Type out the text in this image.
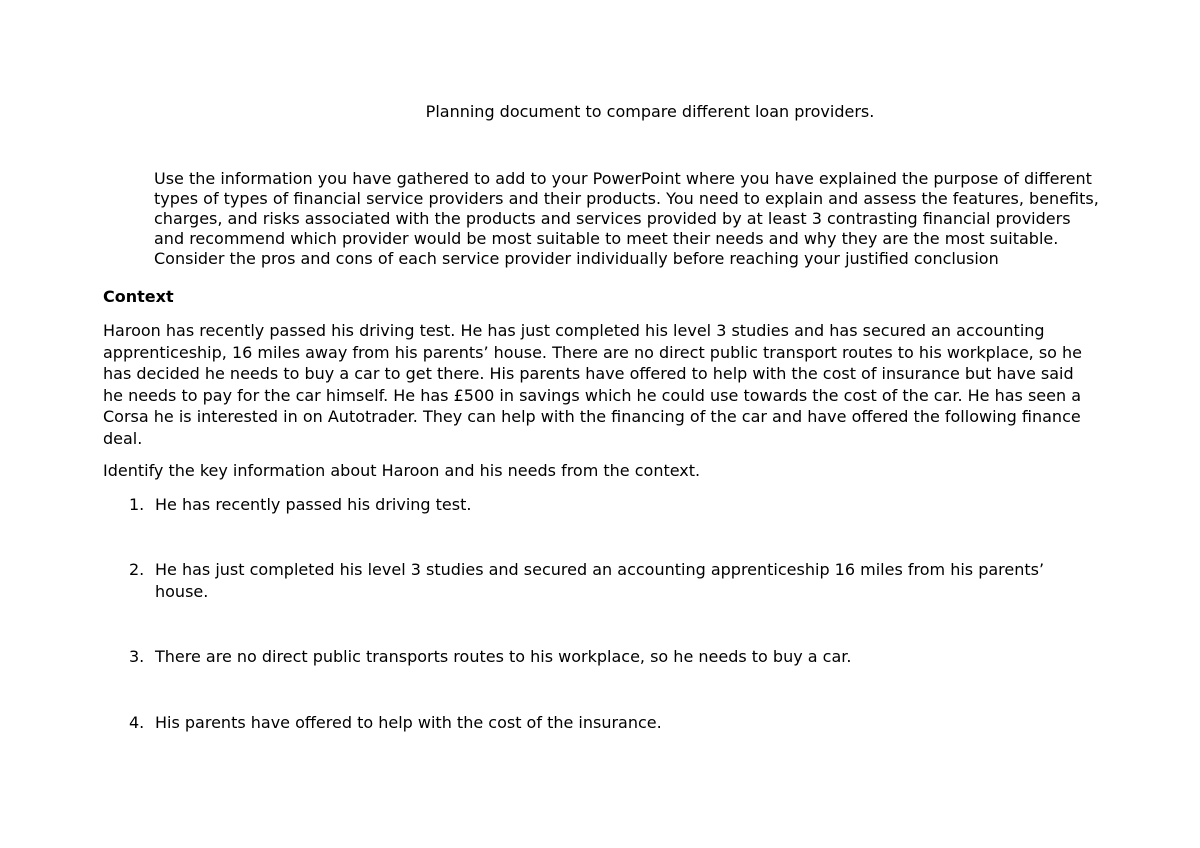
Planning document to compare different loan providers.
Use the information you have gathered to add to your PowerPoint where you have explained the purpose of different types of types of financial service providers and their products. You need to explain and assess the features, benefits, charges, and risks associated with the products and services provided by at least 3 contrasting financial providers and recommend which provider would be most suitable to meet their needs and why they are the most suitable. Consider the pros and cons of each service provider individually before reaching your justified conclusion
Context
Haroon has recently passed his driving test. He has just completed his level 3 studies and has secured an accounting apprenticeship, 16 miles away from his parents’ house. There are no direct public transport routes to his workplace, so he has decided he needs to buy a car to get there. His parents have offered to help with the cost of insurance but have said he needs to pay for the car himself. He has £500 in savings which he could use towards the cost of the car. He has seen a Corsa he is interested in on Autotrader. They can help with the financing of the car and have offered the following finance deal.
Identify the key information about Haroon and his needs from the context.
1. He has recently passed his driving test.
2. He has just completed his level 3 studies and secured an accounting apprenticeship 16 miles from his parents’ house.
3. There are no direct public transports routes to his workplace, so he needs to buy a car.
4. His parents have offered to help with the cost of the insurance.
